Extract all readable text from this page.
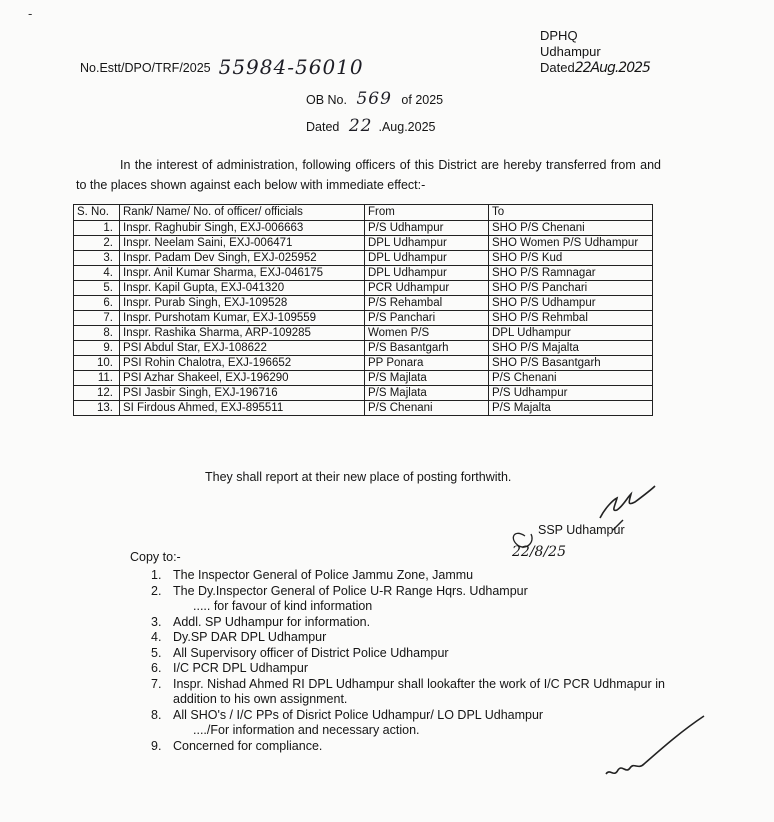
-
DPHQ
Udhampur
Dated22Aug.2025
No.Estt/DPO/TRF/2025 55984-56010
OB No. 569 of 2025
Dated 22 .Aug.2025
In the interest of administration, following officers of this District are hereby transferred from and to the places shown against each below with immediate effect:-
S. No.	Rank/ Name/ No. of officer/ officials	From	To
1.	Inspr. Raghubir Singh, EXJ-006663	P/S Udhampur	SHO P/S Chenani
2.	Inspr. Neelam Saini, EXJ-006471	DPL Udhampur	SHO Women P/S Udhampur
3.	Inspr. Padam Dev Singh, EXJ-025952	DPL Udhampur	SHO P/S Kud
4.	Inspr. Anil Kumar Sharma, EXJ-046175	DPL Udhampur	SHO P/S Ramnagar
5.	Inspr. Kapil Gupta, EXJ-041320	PCR Udhampur	SHO P/S Panchari
6.	Inspr. Purab Singh, EXJ-109528	P/S Rehambal	SHO P/S Udhampur
7.	Inspr. Purshotam Kumar, EXJ-109559	P/S Panchari	SHO P/S Rehmbal
8.	Inspr. Rashika Sharma, ARP-109285	Women P/S	DPL Udhampur
9.	PSI Abdul Star, EXJ-108622	P/S Basantgarh	SHO P/S Majalta
10.	PSI Rohin Chalotra, EXJ-196652	PP Ponara	SHO P/S Basantgarh
11.	PSI Azhar Shakeel, EXJ-196290	P/S Majlata	P/S Chenani
12.	PSI Jasbir Singh, EXJ-196716	P/S Majlata	P/S Udhampur
13.	SI Firdous Ahmed, EXJ-895511	P/S Chenani	P/S Majalta
They shall report at their new place of posting forthwith.
SSP Udhampur
22/8/25
Copy to:-
1. The Inspector General of Police Jammu Zone, Jammu
2. The Dy.Inspector General of Police U-R Range Hqrs. Udhampur
..... for favour of kind information
3. Addl. SP Udhampur for information.
4. Dy.SP DAR DPL Udhampur
5. All Supervisory officer of District Police Udhampur
6. I/C PCR DPL Udhampur
7. Inspr. Nishad Ahmed RI DPL Udhampur shall lookafter the work of I/C PCR Udhmapur in addition to his own assignment.
8. All SHO's / I/C PPs of Disrict Police Udhampur/ LO DPL Udhampur
..../For information and necessary action.
9. Concerned for compliance.
